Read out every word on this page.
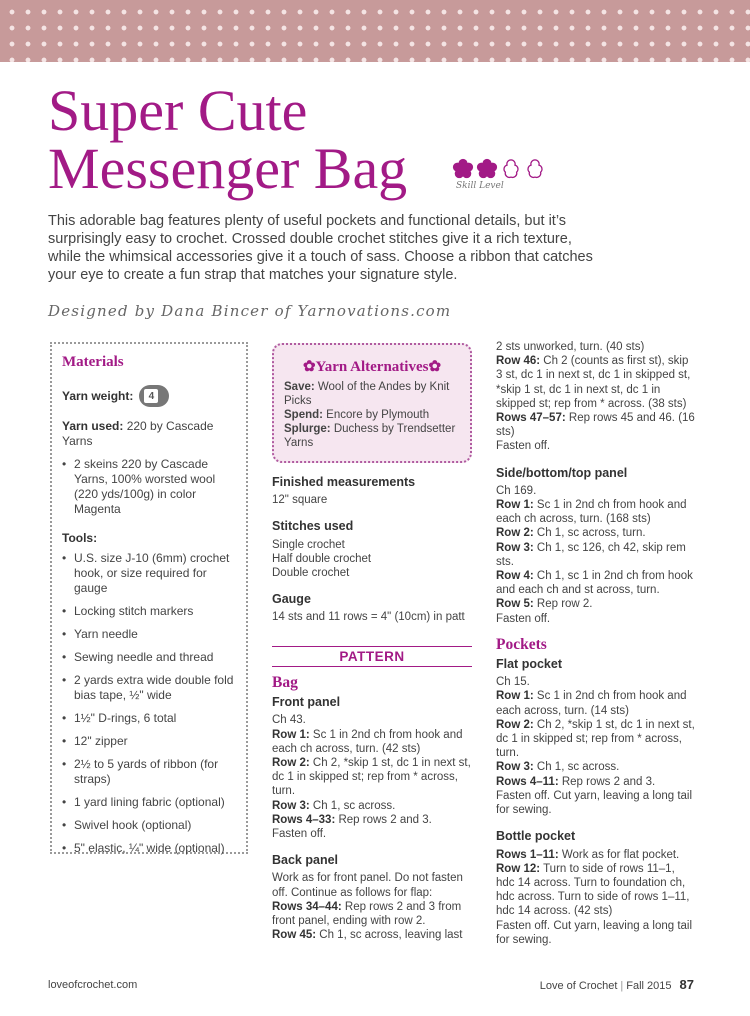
Super Cute
Messenger Bag	Skill Level

This adorable bag features plenty of useful pockets and functional details, but it’s surprisingly easy to crochet. Crossed double crochet stitches give it a rich texture, while the whimsical accessories give it a touch of sass. Choose a ribbon that catches your eye to create a fun strap that matches your signature style.

Designed by Dana Bincer of Yarnovations.com
Materials
Yarn weight:	4

Yarn used: 220 by Cascade Yarns

• 2 skeins 220 by Cascade Yarns, 100% worsted wool (220 yds/100g) in color Magenta

Tools:

• U.S. size J-10 (6mm) crochet hook, or size required for gauge
• Locking stitch markers
• Yarn needle
• Sewing needle and thread
• 2 yards extra wide double fold bias tape, ½" wide
• 1½" D-rings, 6 total
• 12" zipper
• 2½ to 5 yards of ribbon (for straps)
• 1 yard lining fabric (optional)
• Swivel hook (optional)
• 5" elastic, ¼" wide (optional)
✿Yarn Alternatives✿

Save: Wool of the Andes by Knit Picks

Spend: Encore by Plymouth

Splurge: Duchess by Trendsetter Yarns

Finished measurements
12" square
Stitches used
Single crochet
Half double crochet
Double crochet
Gauge
14 sts and 11 rows = 4" (10cm) in patt
PATTERN
Bag
Front panel
Ch 43.
Row 1: Sc 1 in 2nd ch from hook and each ch across, turn. (42 sts)
Row 2: Ch 2, *skip 1 st, dc 1 in next st, dc 1 in skipped st; rep from * across, turn.
Row 3: Ch 1, sc across.
Rows 4–33: Rep rows 2 and 3.
Fasten off.
Back panel
Work as for front panel. Do not fasten off. Continue as follows for flap:
Rows 34–44: Rep rows 2 and 3 from front panel, ending with row 2.
Row 45: Ch 1, sc across, leaving last
2 sts unworked, turn. (40 sts)
Row 46: Ch 2 (counts as first st), skip 3 st, dc 1 in next st, dc 1 in skipped st, *skip 1 st, dc 1 in next st, dc 1 in skipped st; rep from * across. (38 sts)
Rows 47–57: Rep rows 45 and 46. (16 sts)
Fasten off.
Side/bottom/top panel
Ch 169.
Row 1: Sc 1 in 2nd ch from hook and each ch across, turn. (168 sts)
Row 2: Ch 1, sc across, turn.
Row 3: Ch 1, sc 126, ch 42, skip rem sts.
Row 4: Ch 1, sc 1 in 2nd ch from hook and each ch and st across, turn.
Row 5: Rep row 2.
Fasten off.
Pockets
Flat pocket
Ch 15.
Row 1: Sc 1 in 2nd ch from hook and each across, turn. (14 sts)
Row 2: Ch 2, *skip 1 st, dc 1 in next st, dc 1 in skipped st; rep from * across, turn.
Row 3: Ch 1, sc across.
Rows 4–11: Rep rows 2 and 3.
Fasten off. Cut yarn, leaving a long tail for sewing.
Bottle pocket
Rows 1–11: Work as for flat pocket.
Row 12: Turn to side of rows 11–1, hdc 14 across. Turn to foundation ch, hdc across. Turn to side of rows 1–11, hdc 14 across. (42 sts)
Fasten off. Cut yarn, leaving a long tail for sewing.
loveofcrochet.com	Love of Crochet | Fall 2015 87
